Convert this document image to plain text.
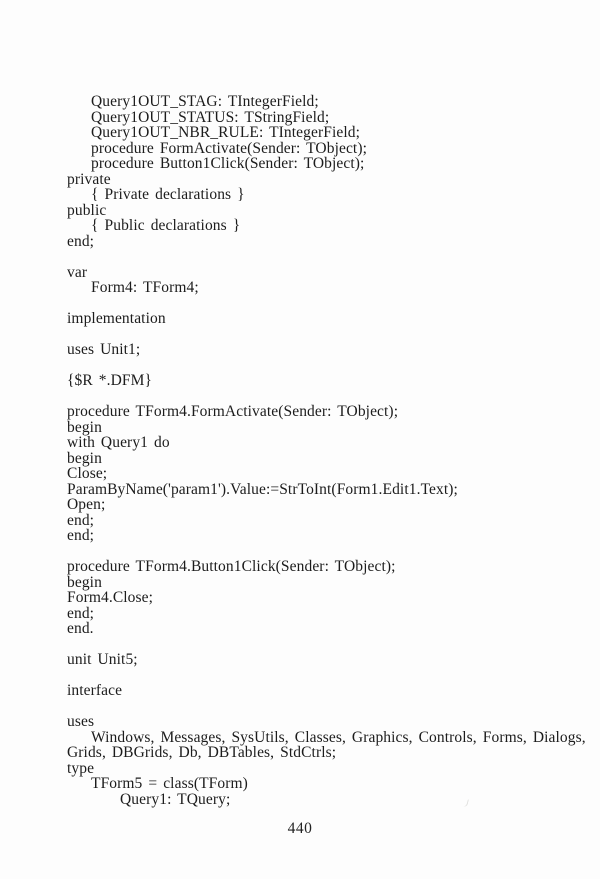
Query1OUT_STAG: TIntegerField;
Query1OUT_STATUS: TStringField;
Query1OUT_NBR_RULE: TIntegerField;
procedure FormActivate(Sender: TObject);
procedure Button1Click(Sender: TObject);
private
{ Private declarations }
public
{ Public declarations }
end;

var
Form4: TForm4;

implementation

uses Unit1;

{$R *.DFM}

procedure TForm4.FormActivate(Sender: TObject);
begin
with Query1 do
begin
Close;
ParamByName('param1').Value:=StrToInt(Form1.Edit1.Text);
Open;
end;
end;

procedure TForm4.Button1Click(Sender: TObject);
begin
Form4.Close;
end;
end.

unit Unit5;

interface

uses
Windows, Messages, SysUtils, Classes, Graphics, Controls, Forms, Dialogs,
Grids, DBGrids, Db, DBTables, StdCtrls;
type
TForm5 = class(TForm)
Query1: TQuery;
440
